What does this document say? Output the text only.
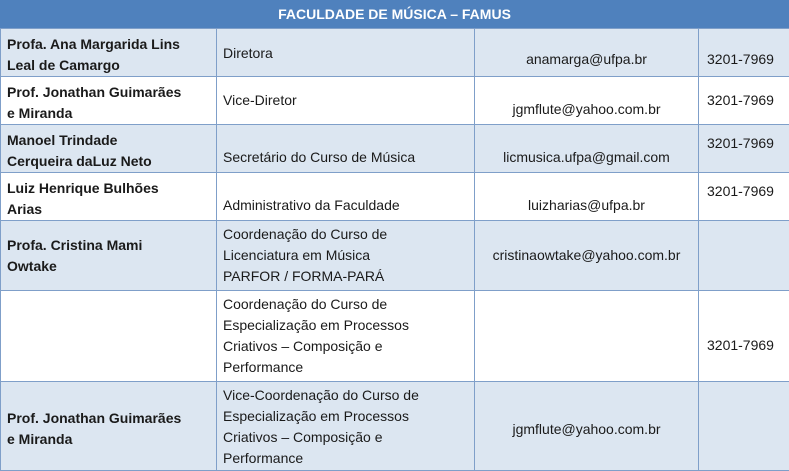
FACULDADE DE MÚSICA – FAMUS
Profa. Ana Margarida Lins
Leal de Camargo	Diretora	anamarga@ufpa.br	3201-7969

Prof. Jonathan Guimarães
e Miranda	Vice-Diretor	jgmflute@yahoo.com.br	3201-7969

Manoel Trindade
Cerqueira daLuz Neto	Secretário do Curso de Música	licmusica.ufpa@gmail.com	3201-7969

Luiz Henrique Bulhões
Arias	Administrativo da Faculdade	luizharias@ufpa.br	3201-7969

Profa. Cristina Mami
Owtake	Coordenação do Curso de
Licenciatura em Música
PARFOR / FORMA-PARÁ	cristinaowtake@yahoo.com.br	

	Coordenação do Curso de
Especialização em Processos
Criativos – Composição e
Performance		3201-7969

Prof. Jonathan Guimarães
e Miranda	Vice-Coordenação do Curso de
Especialização em Processos
Criativos – Composição e
Performance	jgmflute@yahoo.com.br	
